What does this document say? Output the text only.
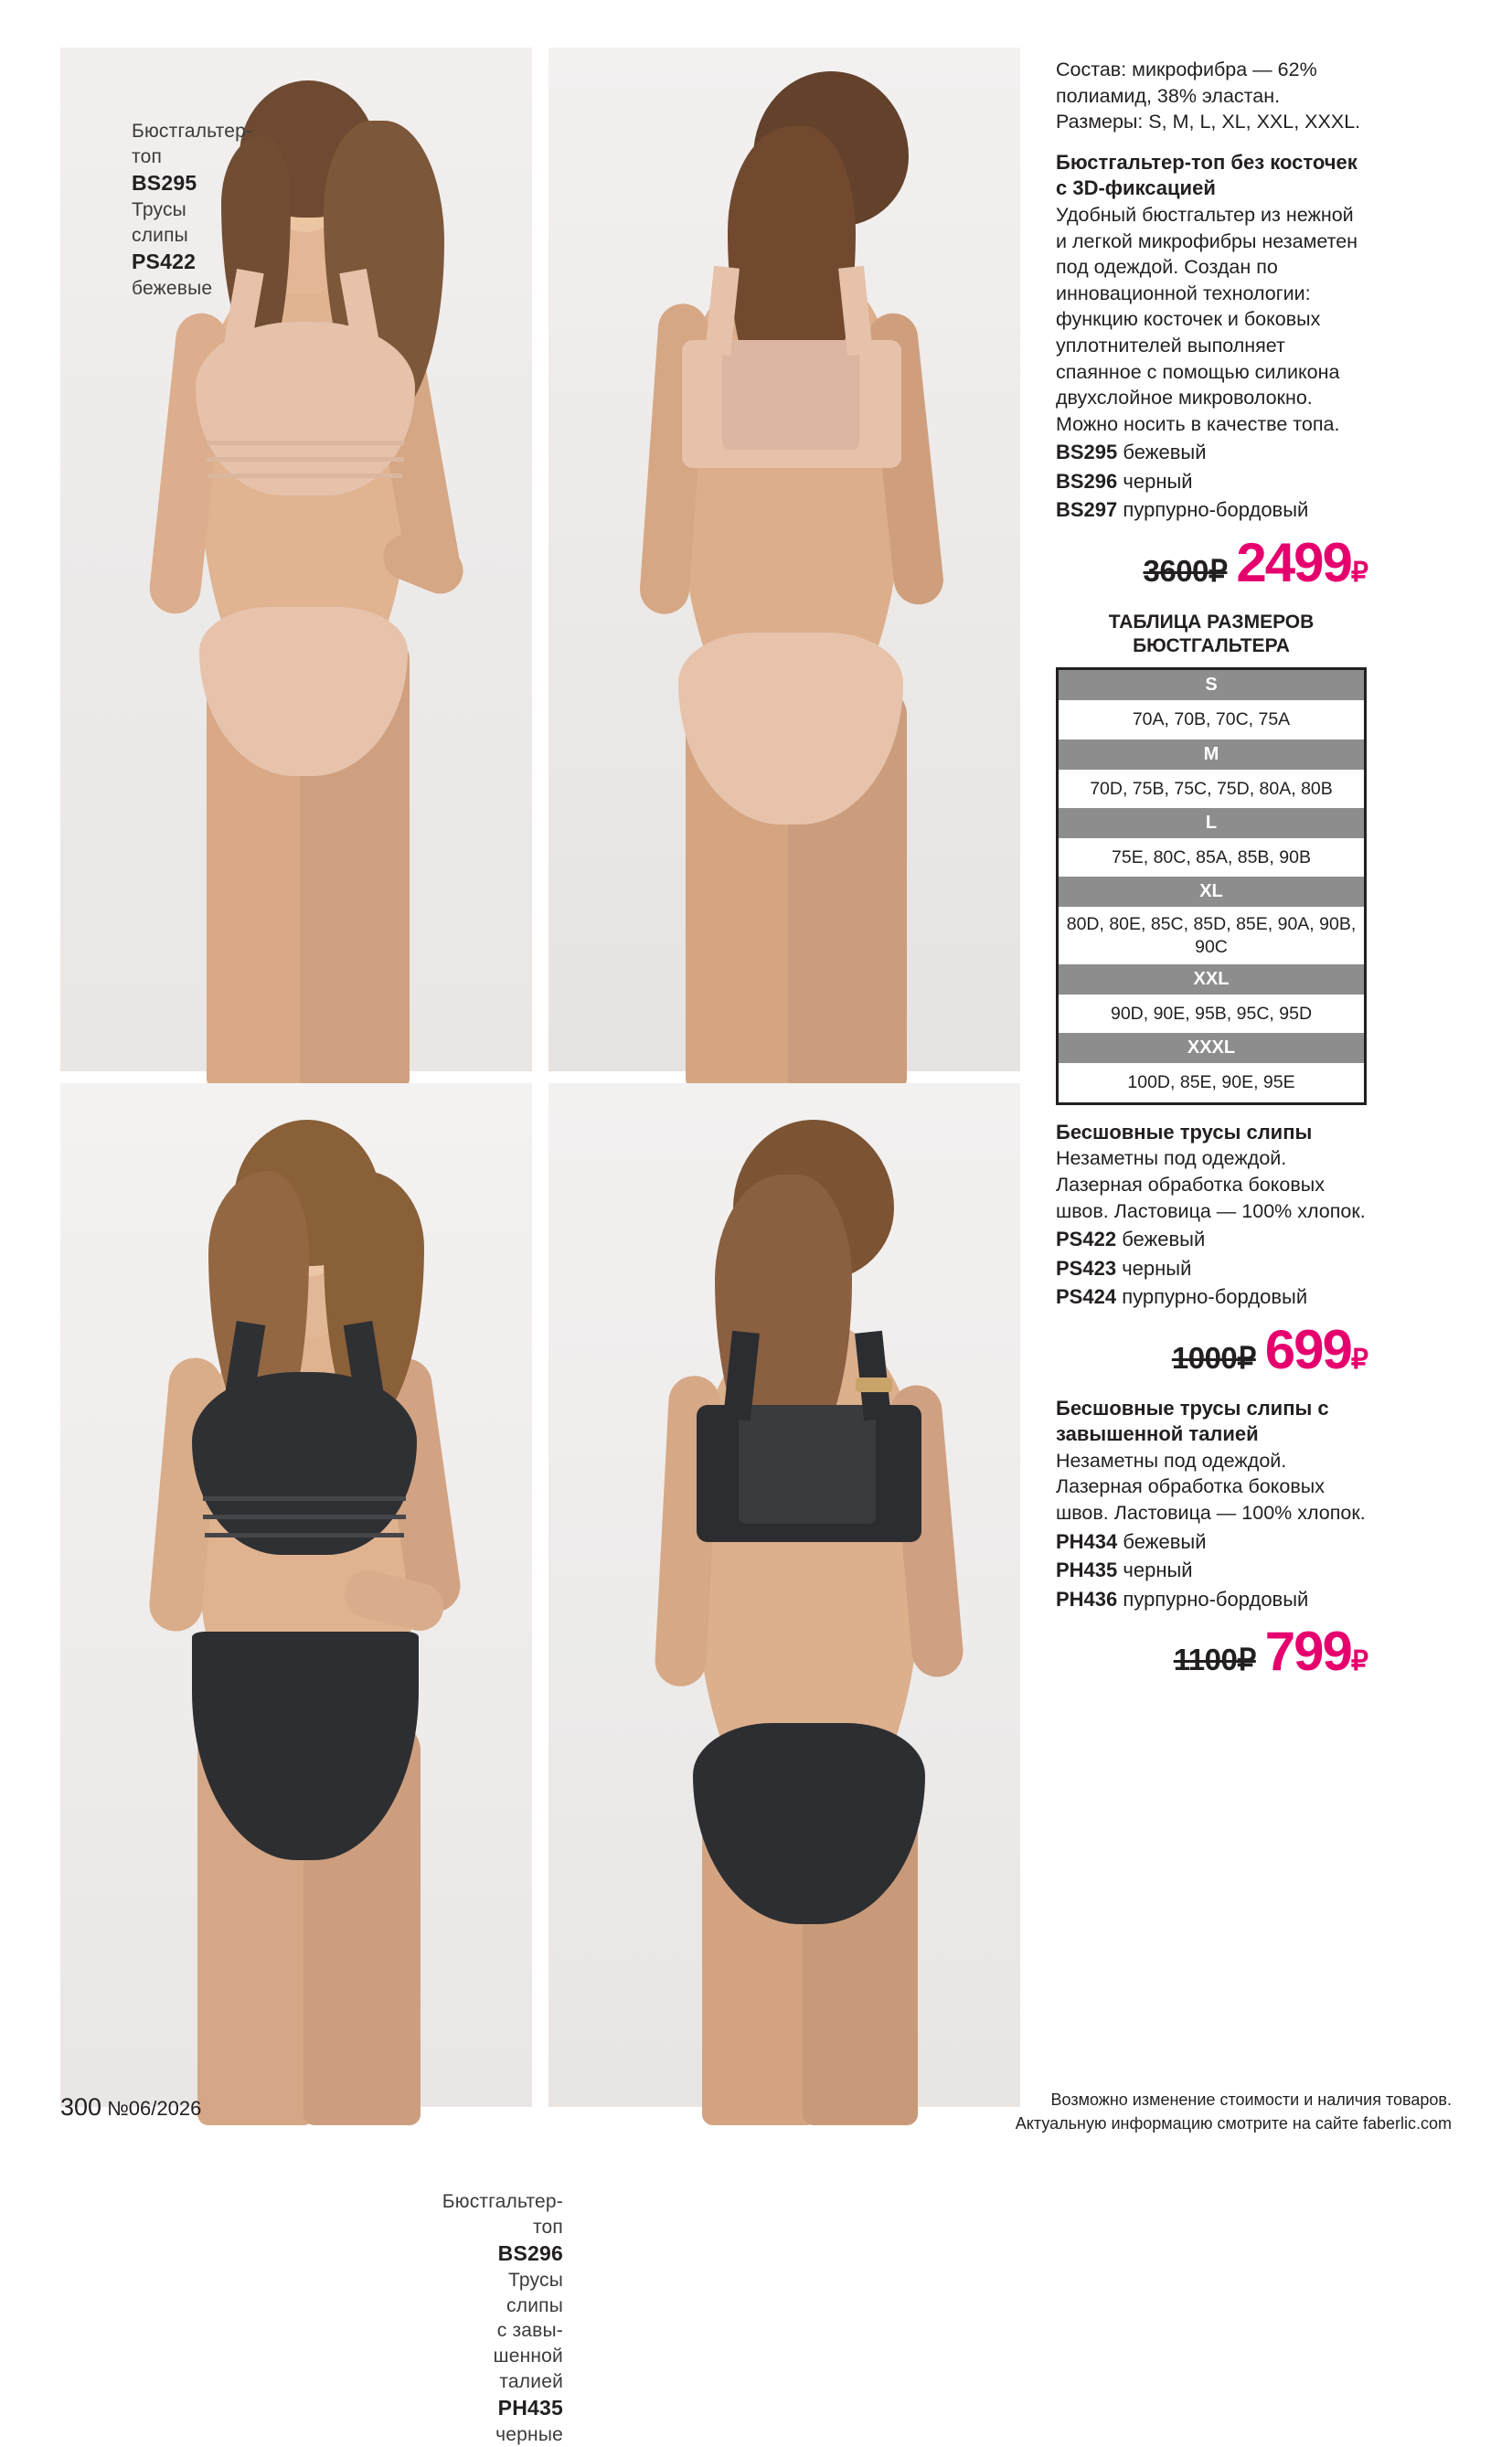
Бюстгальтер-
топ
BS295
Трусы
слипы
PS422
бежевые
Бюстгальтер-
топ
BS296
Трусы
слипы
с завы-
шенной
талией
PH435
черные
Состав: микрофибра — 62% полиамид, 38% эластан. Размеры: S, M, L, XL, XXL, XXXL.
Бюстгальтер-топ без косточек с 3D-фиксацией
Удобный бюстгальтер из нежной и легкой микрофибры незаметен под одеждой. Создан по инновационной технологии: функцию косточек и боковых уплотнителей выполняет спаянное с помощью силикона двухслойное микроволокно. Можно носить в качестве топа.
BS295 бежевый
BS296 черный
BS297 пурпурно-бордовый
3600₽ 2499₽
ТАБЛИЦА РАЗМЕРОВ
БЮСТГАЛЬТЕРА
S
70A, 70B, 70C, 75A
M
70D, 75B, 75C, 75D, 80A, 80B
L
75E, 80C, 85A, 85B, 90B
XL
80D, 80E, 85C, 85D, 85E, 90A, 90B, 90C
XXL
90D, 90E, 95B, 95C, 95D
XXXL
100D, 85E, 90E, 95E
Бесшовные трусы слипы
Незаметны под одеждой. Лазерная обработка боковых швов. Ластовица — 100% хлопок.
PS422 бежевый
PS423 черный
PS424 пурпурно-бордовый
1000₽ 699₽
Бесшовные трусы слипы с завышенной талией
Незаметны под одеждой. Лазерная обработка боковых швов. Ластовица — 100% хлопок.
PH434 бежевый
PH435 черный
PH436 пурпурно-бордовый
1100₽ 799₽
300 №06/2026	Возможно изменение стоимости и наличия товаров.
Актуальную информацию смотрите на сайте faberlic.com
